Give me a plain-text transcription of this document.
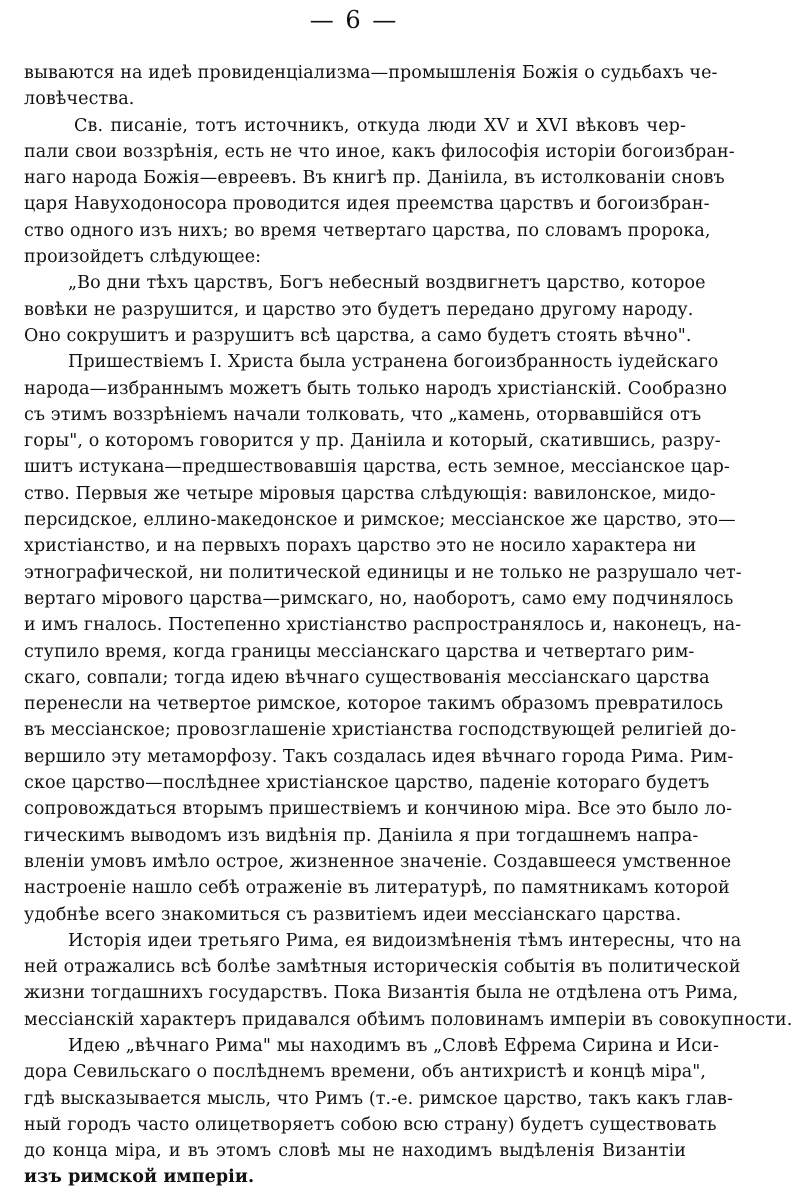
— 6 —
вываются на идеѣ провиденціализма—промышленія Божія о судьбахъ че-
ловѣчества.
Св. писаніе, тотъ источникъ, откуда люди XV и XVI вѣковъ чер-
пали свои воззрѣнія, есть не что иное, какъ философія исторіи богоизбран-
наго народа Божія—евреевъ. Въ книгѣ пр. Даніила, въ истолкованіи сновъ
царя Навуходоносора проводится идея преемства царствъ и богоизбран-
ство одного изъ нихъ; во время четвертаго царства, по словамъ пророка,
произойдетъ слѣдующее:
„Во дни тѣхъ царствъ, Богъ небесный воздвигнетъ царство, которое
вовѣки не разрушится, и царство это будетъ передано другому народу.
Оно сокрушитъ и разрушитъ всѣ царства, а само будетъ стоять вѣчно".
Пришествіемъ I. Христа была устранена богоизбранность іудейскаго
народа—избраннымъ можетъ быть только народъ христіанскій. Сообразно
съ этимъ воззрѣніемъ начали толковать, что „камень, оторвавшійся отъ
горы", о которомъ говорится у пр. Даніила и который, скатившись, разру-
шитъ истукана—предшествовавшія царства, есть земное, мессіанское цар-
ство. Первыя же четыре міровыя царства слѣдующія: вавилонское, мидо-
персидское, еллино-македонское и римское; мессіанское же царство, это—
христіанство, и на первыхъ порахъ царство это не носило характера ни
этнографической, ни политической единицы и не только не разрушало чет-
вертаго мірового царства—римскаго, но, наоборотъ, само ему подчинялось
и имъ гналось. Постепенно христіанство распространялось и, наконецъ, на-
ступило время, когда границы мессіанскаго царства и четвертаго рим-
скаго, совпали; тогда идею вѣчнаго существованія мессіанскаго царства
перенесли на четвертое римское, которое такимъ образомъ превратилось
въ мессіанское; провозглашеніе христіанства господствующей религіей до-
вершило эту метаморфозу. Такъ создалась идея вѣчнаго города Рима. Рим-
ское царство—послѣднее христіанское царство, паденіе котораго будетъ
сопровождаться вторымъ пришествіемъ и кончиною міра. Все это было ло-
гическимъ выводомъ изъ видѣнія пр. Даніила я при тогдашнемъ напра-
вленіи умовъ имѣло острое, жизненное значеніе. Создавшееся умственное
настроеніе нашло себѣ отраженіе въ литературѣ, по памятникамъ которой
удобнѣе всего знакомиться съ развитіемъ идеи мессіанскаго царства.
Исторія идеи третьяго Рима, ея видоизмѣненія тѣмъ интересны, что на
ней отражались всѣ болѣе замѣтныя историческія событія въ политической
жизни тогдашнихъ государствъ. Пока Византія была не отдѣлена отъ Рима,
мессіанскій характеръ придавался обѣимъ половинамъ имперіи въ совокупности.
Идею „вѣчнаго Рима" мы находимъ въ „Словѣ Ефрема Сирина и Иси-
дора Севильскаго о послѣднемъ времени, объ антихристѣ и концѣ міра",
гдѣ высказывается мысль, что Римъ (т.-е. римское царство, такъ какъ глав-
ный городъ часто олицетворяетъ собою всю страну) будетъ существовать
до конца міра, и въ этомъ словѣ мы не находимъ выдѣленія Византіи
изъ римской имперіи.
